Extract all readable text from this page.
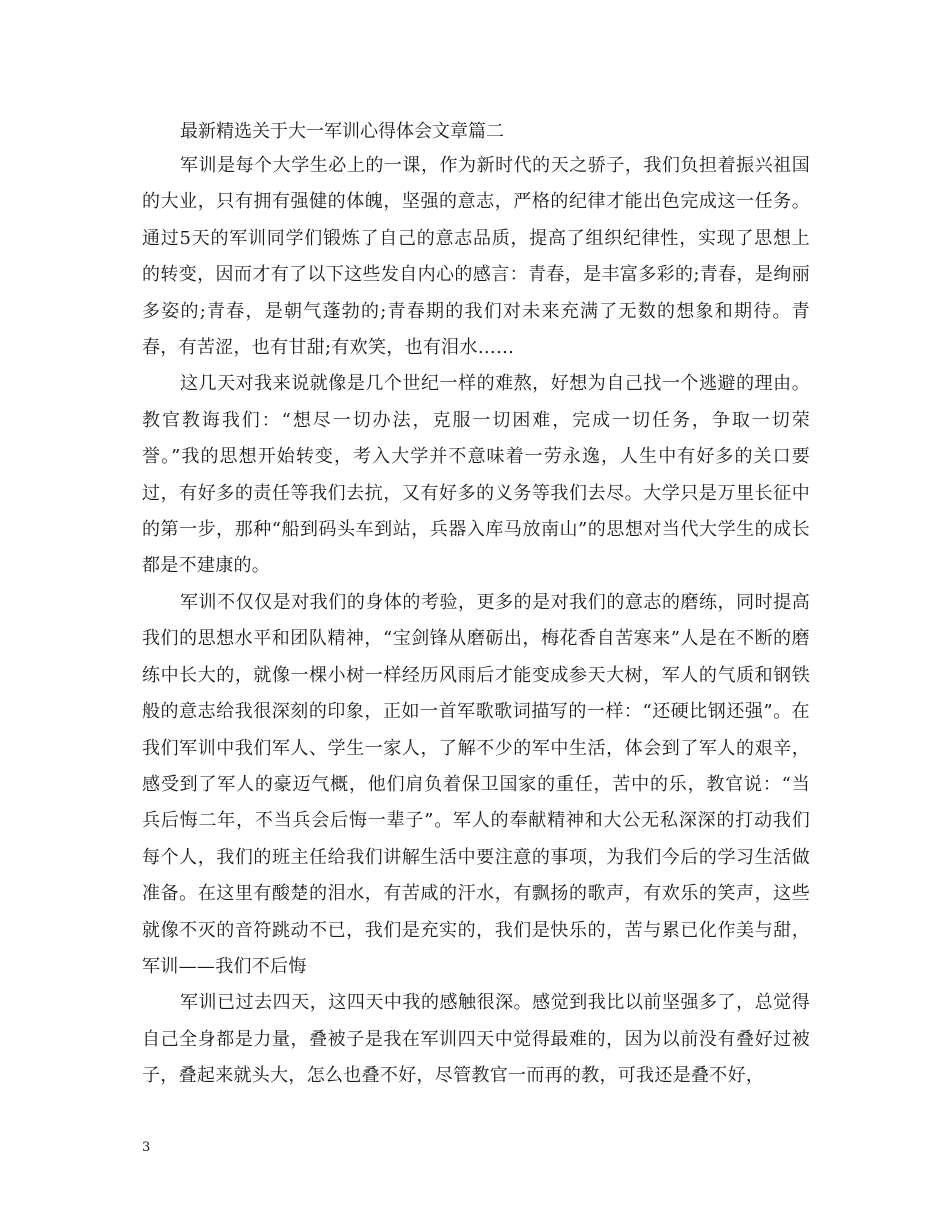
最新精选关于大一军训心得体会文章篇二

军训是每个大学生必上的一课，作为新时代的天之骄子，我们负担着振兴祖国的大业，只有拥有强健的体魄，坚强的意志，严格的纪律才能出色完成这一任务。通过5天的军训同学们锻炼了自己的意志品质，提高了组织纪律性，实现了思想上的转变，因而才有了以下这些发自内心的感言：青春，是丰富多彩的;青春，是绚丽多姿的;青春，是朝气蓬勃的;青春期的我们对未来充满了无数的想象和期待。青春，有苦涩，也有甘甜;有欢笑，也有泪水……

这几天对我来说就像是几个世纪一样的难熬，好想为自己找一个逃避的理由。教官教诲我们：“想尽一切办法，克服一切困难，完成一切任务，争取一切荣誉。”我的思想开始转变，考入大学并不意味着一劳永逸，人生中有好多的关口要过，有好多的责任等我们去抗，又有好多的义务等我们去尽。大学只是万里长征中的第一步，那种“船到码头车到站，兵器入库马放南山”的思想对当代大学生的成长都是不建康的。

军训不仅仅是对我们的身体的考验，更多的是对我们的意志的磨练，同时提高我们的思想水平和团队精神，“宝剑锋从磨砺出，梅花香自苦寒来”人是在不断的磨练中长大的，就像一棵小树一样经历风雨后才能变成参天大树，军人的气质和钢铁般的意志给我很深刻的印象，正如一首军歌歌词描写的一样：“还硬比钢还强”。在我们军训中我们军人、学生一家人，了解不少的军中生活，体会到了军人的艰辛，感受到了军人的豪迈气概，他们肩负着保卫国家的重任，苦中的乐，教官说：“当兵后悔二年，不当兵会后悔一辈子”。军人的奉献精神和大公无私深深的打动我们每个人，我们的班主任给我们讲解生活中要注意的事项，为我们今后的学习生活做准备。在这里有酸楚的泪水，有苦咸的汗水，有飘扬的歌声，有欢乐的笑声，这些就像不灭的音符跳动不已，我们是充实的，我们是快乐的，苦与累已化作美与甜，军训——我们不后悔

军训已过去四天，这四天中我的感触很深。感觉到我比以前坚强多了，总觉得自己全身都是力量，叠被子是我在军训四天中觉得最难的，因为以前没有叠好过被子，叠起来就头大，怎么也叠不好，尽管教官一而再的教，可我还是叠不好，

3
